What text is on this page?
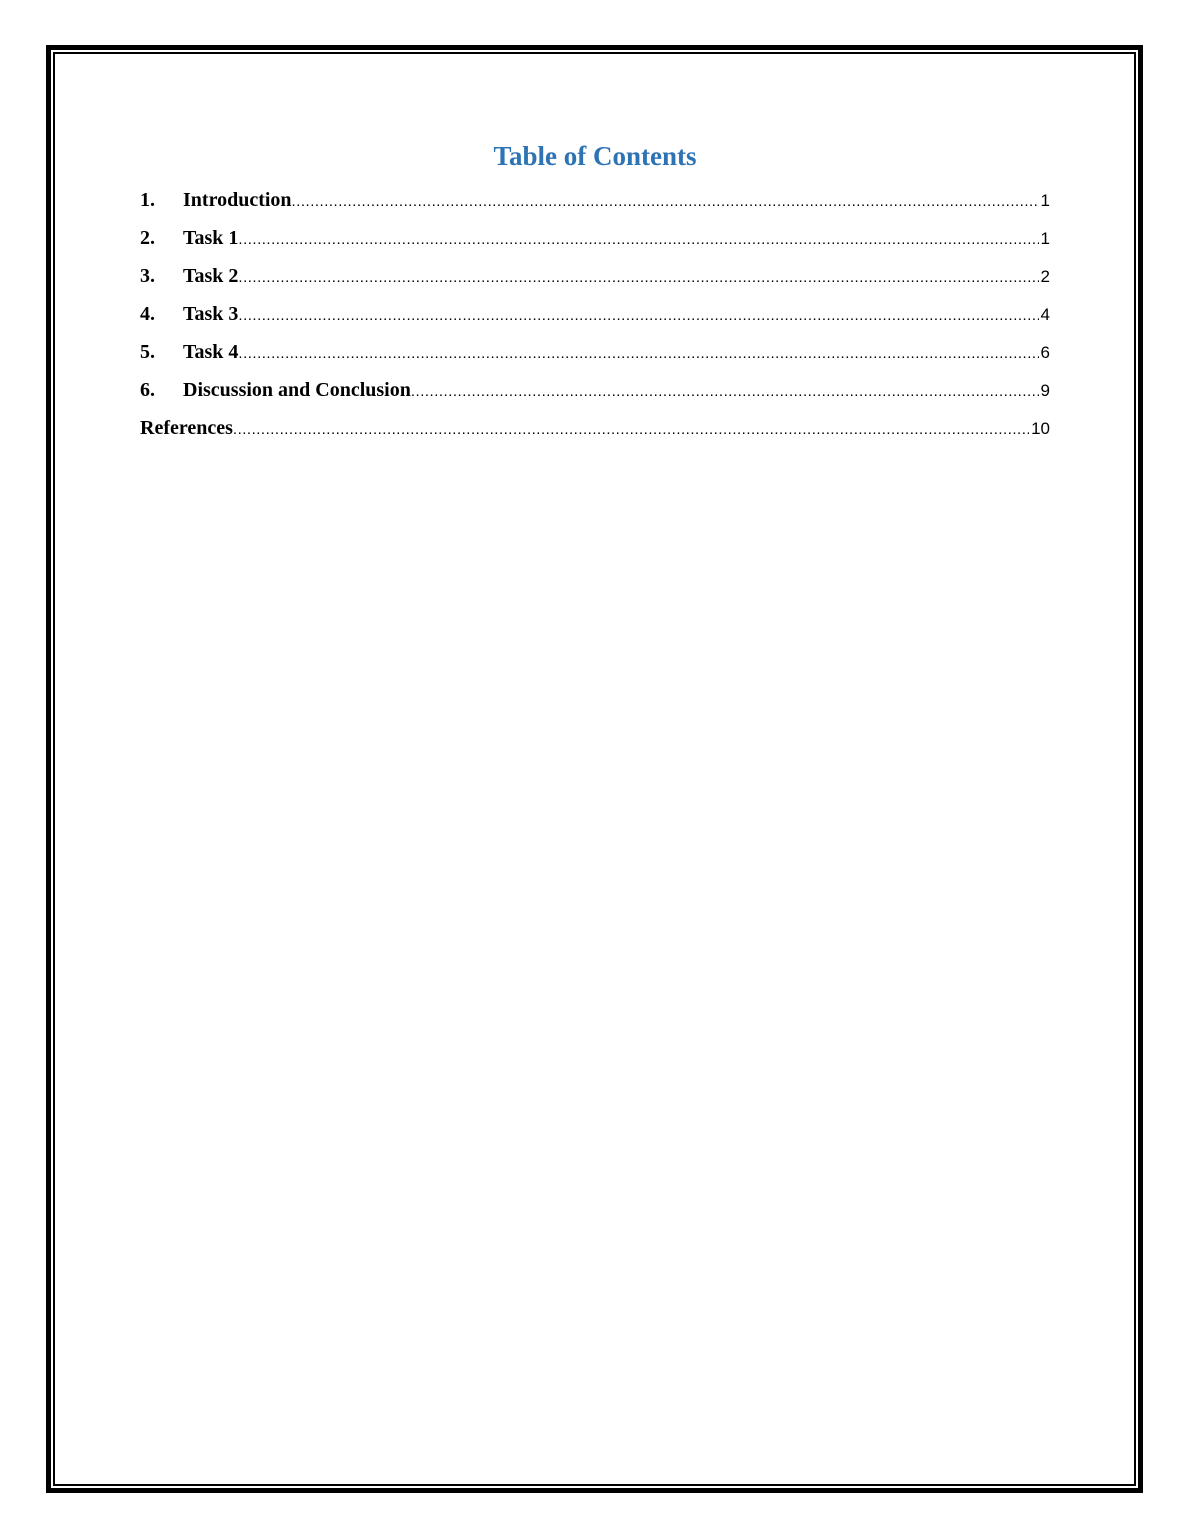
Table of Contents
1.	Introduction .....	1
2.	Task 1 .....	1
3.	Task 2 .....	2
4.	Task 3 .....	4
5.	Task 4 .....	6
6.	Discussion and Conclusion .....	9
References .....	10
